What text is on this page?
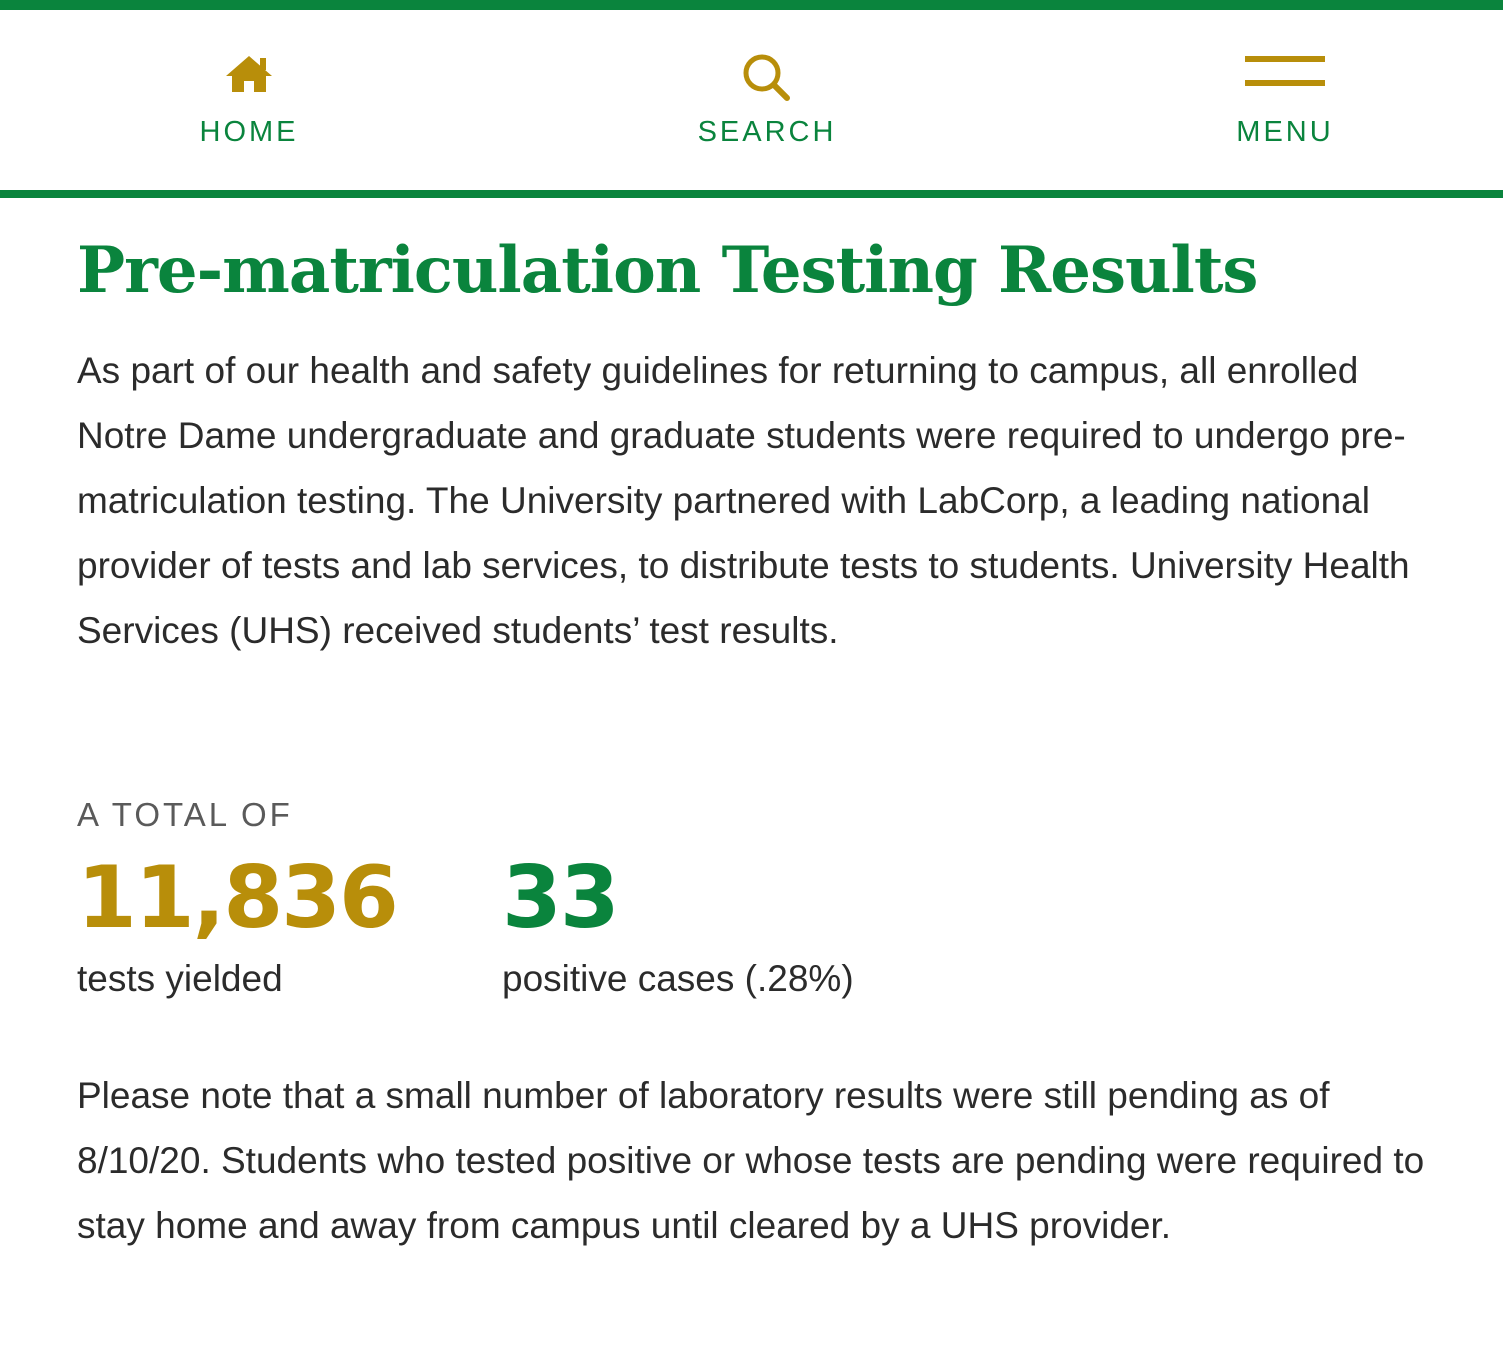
HOME	SEARCH	MENU
Pre-matriculation Testing Results

As part of our health and safety guidelines for returning to campus, all enrolled Notre Dame undergraduate and graduate students were required to undergo pre-matriculation testing. The University partnered with LabCorp, a leading national provider of tests and lab services, to distribute tests to students. University Health Services (UHS) received students’ test results.

A TOTAL OF
11,836
tests yielded
33
positive cases (.28%)

Please note that a small number of laboratory results were still pending as of 8/10/20. Students who tested positive or whose tests are pending were required to stay home and away from campus until cleared by a UHS provider.
